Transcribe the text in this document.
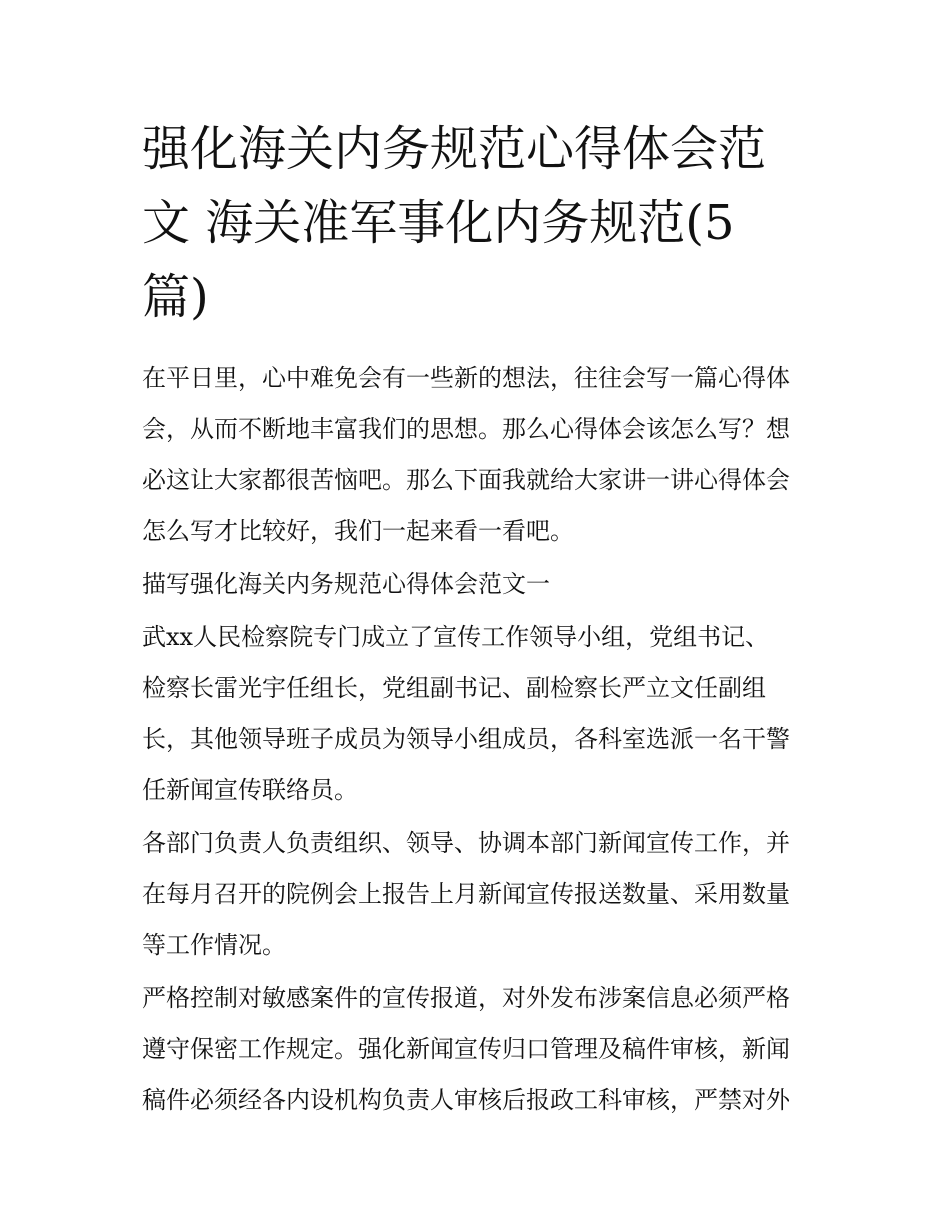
强化海关内务规范心得体会范
文 海关准军事化内务规范(5
篇)

在平日里，心中难免会有一些新的想法，往往会写一篇心得体
会，从而不断地丰富我们的思想。那么心得体会该怎么写？想
必这让大家都很苦恼吧。那么下面我就给大家讲一讲心得体会
怎么写才比较好，我们一起来看一看吧。

描写强化海关内务规范心得体会范文一

武xx人民检察院专门成立了宣传工作领导小组，党组书记、
检察长雷光宇任组长，党组副书记、副检察长严立文任副组
长，其他领导班子成员为领导小组成员，各科室选派一名干警
任新闻宣传联络员。

各部门负责人负责组织、领导、协调本部门新闻宣传工作，并
在每月召开的院例会上报告上月新闻宣传报送数量、采用数量
等工作情况。

严格控制对敏感案件的宣传报道，对外发布涉案信息必须严格
遵守保密工作规定。强化新闻宣传归口管理及稿件审核，新闻
稿件必须经各内设机构负责人审核后报政工科审核，严禁对外
